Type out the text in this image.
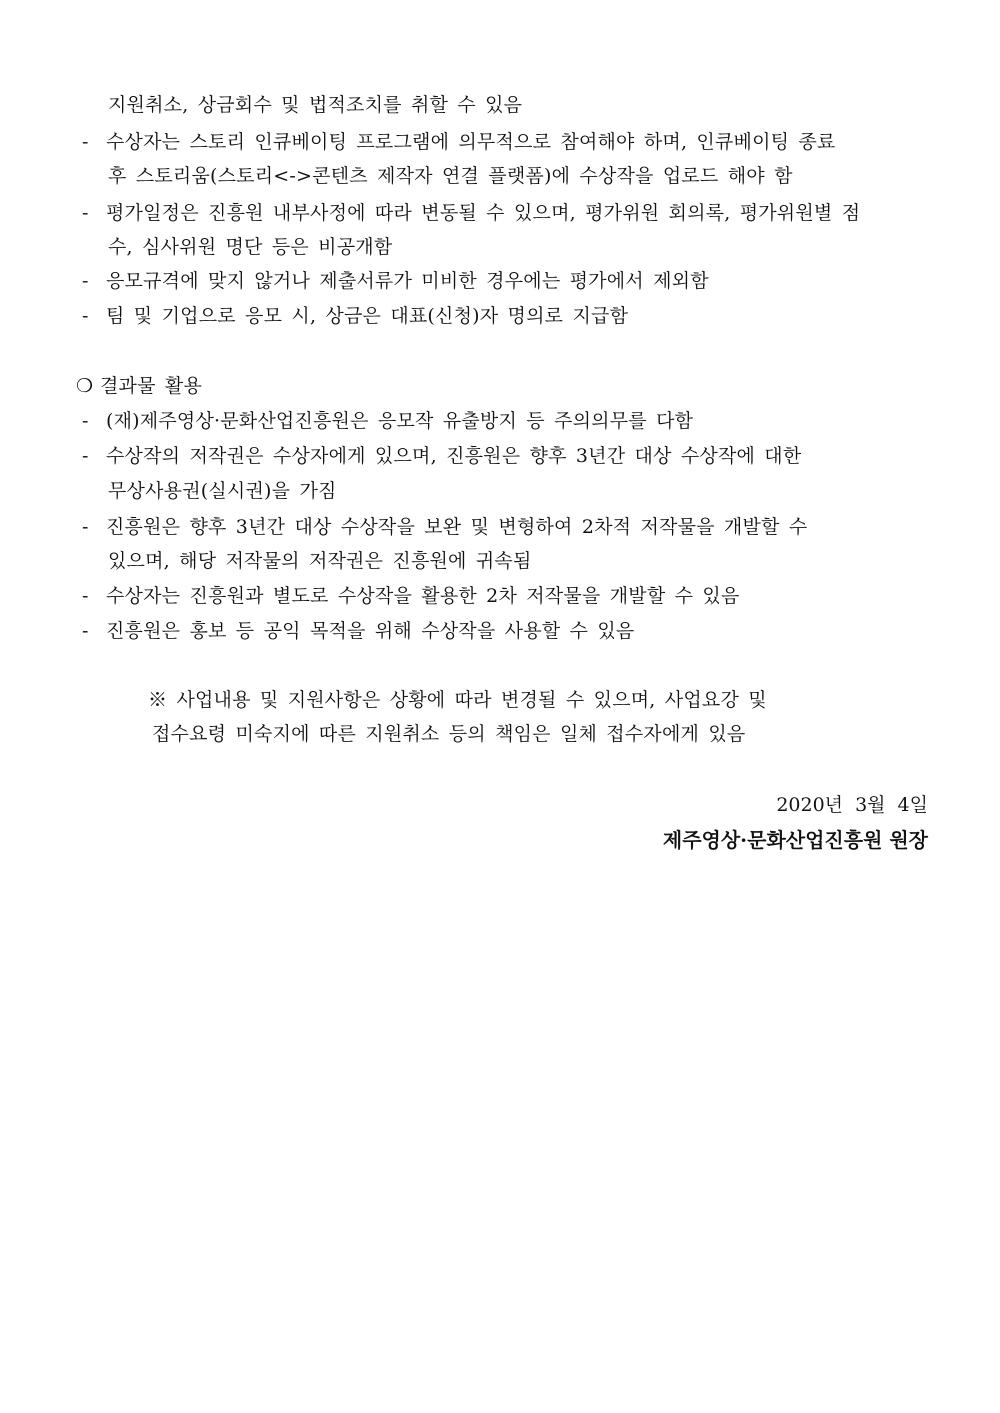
지원취소, 상금회수 및 법적조치를 취할 수 있음
- 수상자는 스토리 인큐베이팅 프로그램에 의무적으로 참여해야 하며, 인큐베이팅 종료
후 스토리움(스토리<->콘텐츠 제작자 연결 플랫폼)에 수상작을 업로드 해야 함
- 평가일정은 진흥원 내부사정에 따라 변동될 수 있으며, 평가위원 회의록, 평가위원별 점
수, 심사위원 명단 등은 비공개함
- 응모규격에 맞지 않거나 제출서류가 미비한 경우에는 평가에서 제외함
- 팀 및 기업으로 응모 시, 상금은 대표(신청)자 명의로 지급함
❍ 결과물 활용
- (재)제주영상·문화산업진흥원은 응모작 유출방지 등 주의의무를 다함
- 수상작의 저작권은 수상자에게 있으며, 진흥원은 향후 3년간 대상 수상작에 대한
무상사용권(실시권)을 가짐
- 진흥원은 향후 3년간 대상 수상작을 보완 및 변형하여 2차적 저작물을 개발할 수
있으며, 해당 저작물의 저작권은 진흥원에 귀속됨
- 수상자는 진흥원과 별도로 수상작을 활용한 2차 저작물을 개발할 수 있음
- 진흥원은 홍보 등 공익 목적을 위해 수상작을 사용할 수 있음
※ 사업내용 및 지원사항은 상황에 따라 변경될 수 있으며, 사업요강 및
접수요령 미숙지에 따른 지원취소 등의 책임은 일체 접수자에게 있음
2020년 3월 4일
제주영상·문화산업진흥원 원장
